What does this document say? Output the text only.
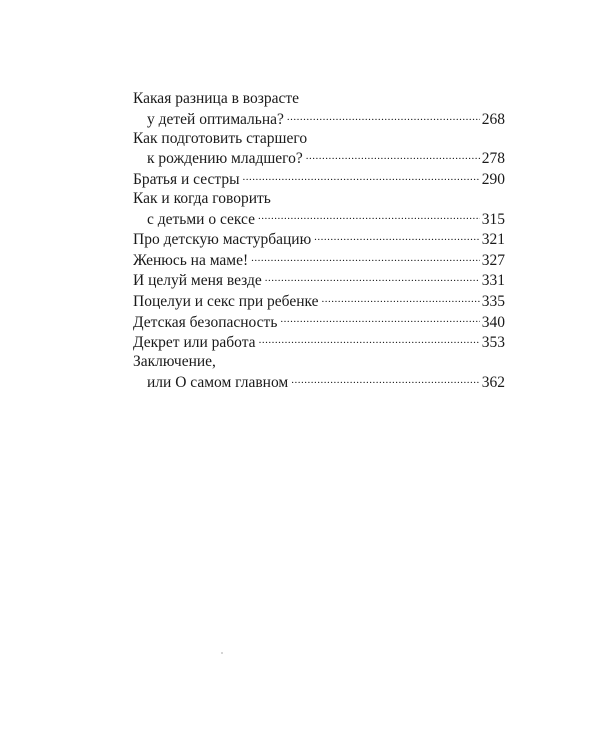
Какая разница в возрасте
у детей оптимальна? .....	268
Как подготовить старшего
к рождению младшего? .....	278
Братья и сестры .....	290
Как и когда говорить
с детьми о сексе .....	315
Про детскую мастурбацию .....	321
Женюсь на маме! .....	327
И целуй меня везде .....	331
Поцелуи и секс при ребенке .....	335
Детская безопасность .....	340
Декрет или работа .....	353
Заключение,
или О самом главном .....	362
